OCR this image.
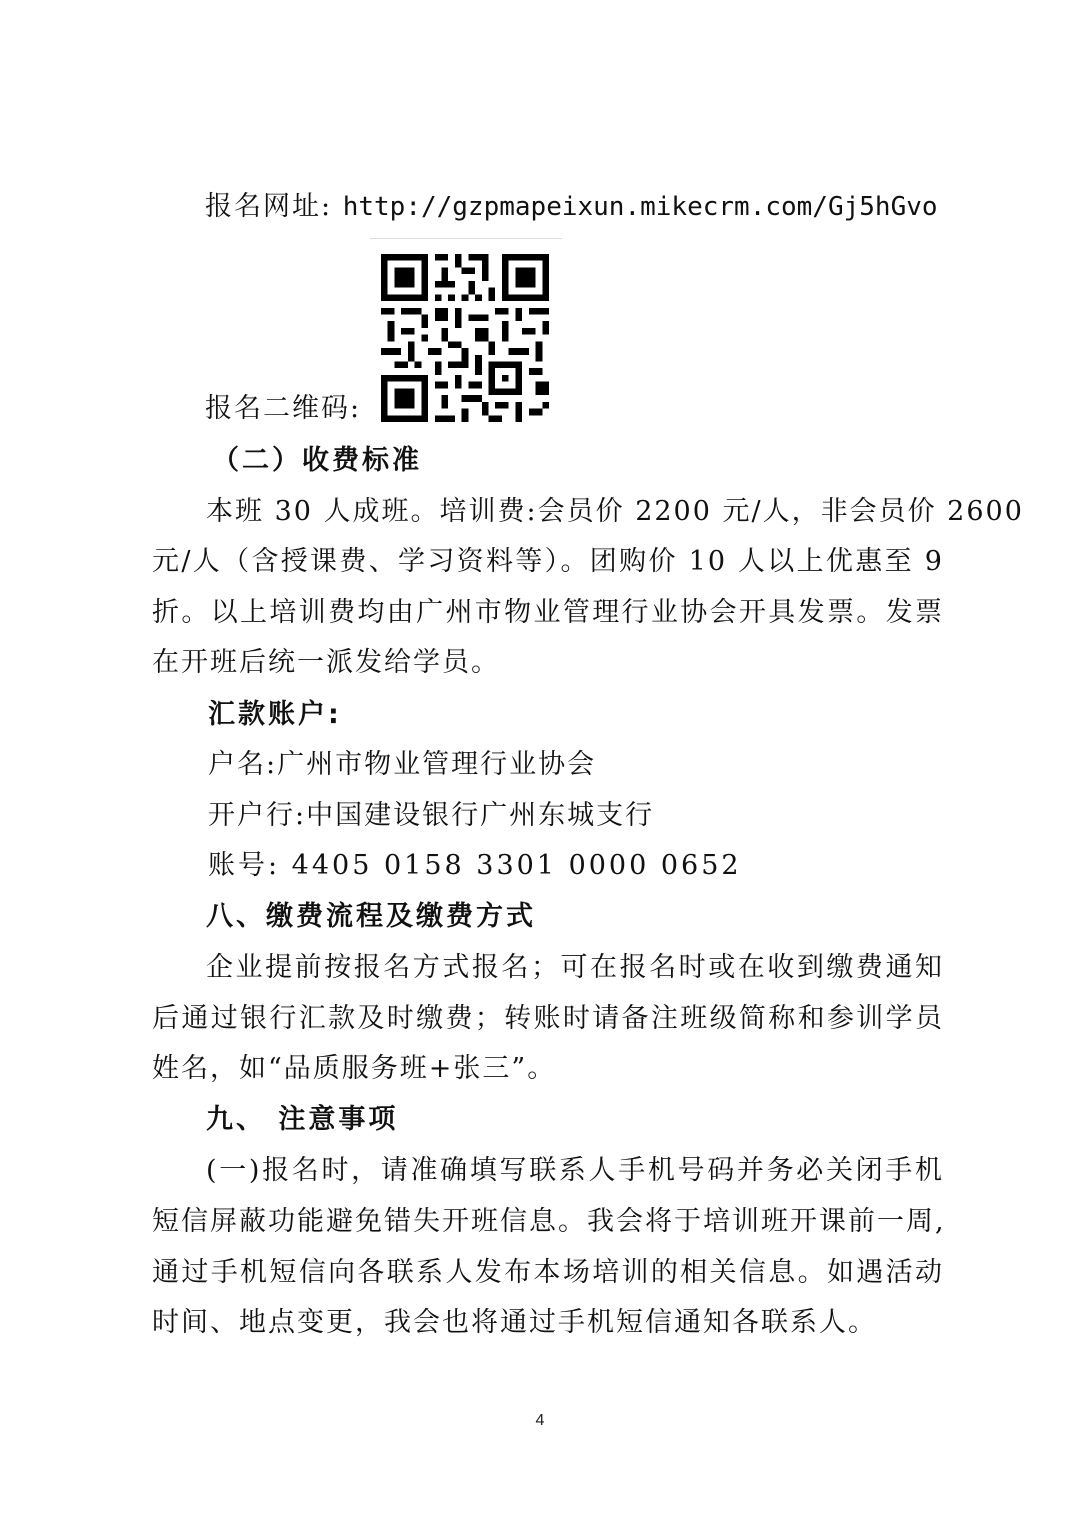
报名网址: http://gzpmapeixun.mikecrm.com/Gj5hGvo
报名二维码:
（二）收费标准
本班 30 人成班。培训费:会员价 2200 元/人，非会员价 2600
元/人（含授课费、学习资料等）。团购价 10 人以上优惠至 9
折。以上培训费均由广州市物业管理行业协会开具发票。发票
在开班后统一派发给学员。
汇款账户:
户名:广州市物业管理行业协会
开户行:中国建设银行广州东城支行
账号: 4405 0158 3301 0000 0652
八、缴费流程及缴费方式
企业提前按报名方式报名；可在报名时或在收到缴费通知
后通过银行汇款及时缴费；转账时请备注班级简称和参训学员
姓名，如“品质服务班+张三”。
九、 注意事项
(一)报名时，请准确填写联系人手机号码并务必关闭手机
短信屏蔽功能避免错失开班信息。我会将于培训班开课前一周,
通过手机短信向各联系人发布本场培训的相关信息。如遇活动
时间、地点变更，我会也将通过手机短信通知各联系人。
4
